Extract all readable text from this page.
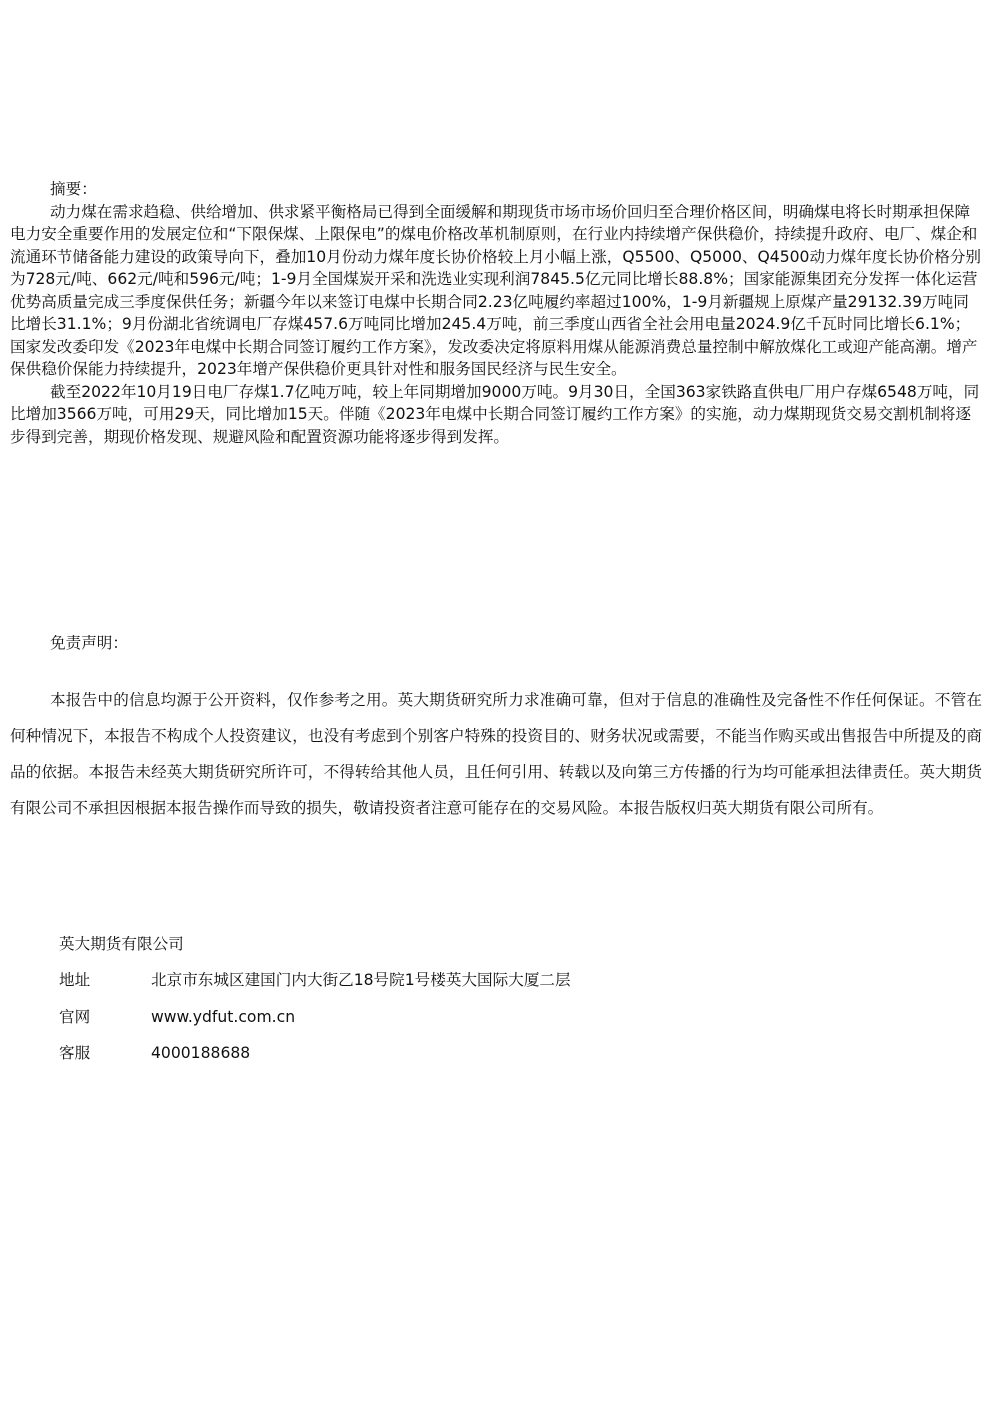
摘要：

动力煤在需求趋稳、供给增加、供求紧平衡格局已得到全面缓解和期现货市场市场价回归至合理价格区间，明确煤电将长时期承担保障电力安全重要作用的发展定位和“下限保煤、上限保电”的煤电价格改革机制原则，在行业内持续增产保供稳价，持续提升政府、电厂、煤企和流通环节储备能力建设的政策导向下，叠加10月份动力煤年度长协价格较上月小幅上涨，Q5500、Q5000、Q4500动力煤年度长协价格分别为728元/吨、662元/吨和596元/吨；1-9月全国煤炭开采和洗选业实现利润7845.5亿元同比增长88.8%；国家能源集团充分发挥一体化运营优势高质量完成三季度保供任务；新疆今年以来签订电煤中长期合同2.23亿吨履约率超过100%，1-9月新疆规上原煤产量29132.39万吨同比增长31.1%；9月份湖北省统调电厂存煤457.6万吨同比增加245.4万吨，前三季度山西省全社会用电量2024.9亿千瓦时同比增长6.1%；国家发改委印发《2023年电煤中长期合同签订履约工作方案》，发改委决定将原料用煤从能源消费总量控制中解放煤化工或迎产能高潮。增产保供稳价保能力持续提升，2023年增产保供稳价更具针对性和服务国民经济与民生安全。

截至2022年10月19日电厂存煤1.7亿吨万吨，较上年同期增加9000万吨。9月30日，全国363家铁路直供电厂用户存煤6548万吨，同比增加3566万吨，可用29天，同比增加15天。伴随《2023年电煤中长期合同签订履约工作方案》的实施，动力煤期现货交易交割机制将逐步得到完善，期现价格发现、规避风险和配置资源功能将逐步得到发挥。

免责声明：

本报告中的信息均源于公开资料，仅作参考之用。英大期货研究所力求准确可靠，但对于信息的准确性及完备性不作任何保证。不管在何种情况下，本报告不构成个人投资建议，也没有考虑到个别客户特殊的投资目的、财务状况或需要，不能当作购买或出售报告中所提及的商品的依据。本报告未经英大期货研究所许可，不得转给其他人员，且任何引用、转载以及向第三方传播的行为均可能承担法律责任。英大期货有限公司不承担因根据本报告操作而导致的损失，敬请投资者注意可能存在的交易风险。本报告版权归英大期货有限公司所有。

英大期货有限公司
地址	北京市东城区建国门内大街乙18号院1号楼英大国际大厦二层
官网	www.ydfut.com.cn
客服	4000188688
